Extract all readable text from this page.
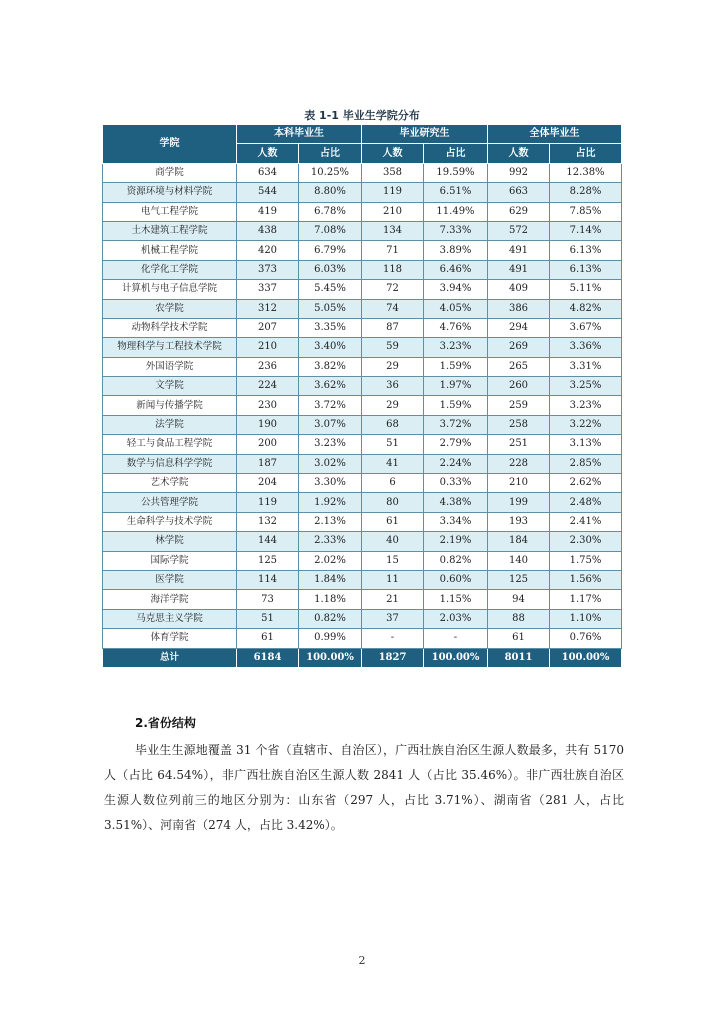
表 1-1 毕业生学院分布
学院	本科毕业生		毕业研究生		全体毕业生	
	人数	占比	人数	占比	人数	占比
商学院	634	10.25%	358	19.59%	992	12.38%
资源环境与材料学院	544	8.80%	119	6.51%	663	8.28%
电气工程学院	419	6.78%	210	11.49%	629	7.85%
土木建筑工程学院	438	7.08%	134	7.33%	572	7.14%
机械工程学院	420	6.79%	71	3.89%	491	6.13%
化学化工学院	373	6.03%	118	6.46%	491	6.13%
计算机与电子信息学院	337	5.45%	72	3.94%	409	5.11%
农学院	312	5.05%	74	4.05%	386	4.82%
动物科学技术学院	207	3.35%	87	4.76%	294	3.67%
物理科学与工程技术学院	210	3.40%	59	3.23%	269	3.36%
外国语学院	236	3.82%	29	1.59%	265	3.31%
文学院	224	3.62%	36	1.97%	260	3.25%
新闻与传播学院	230	3.72%	29	1.59%	259	3.23%
法学院	190	3.07%	68	3.72%	258	3.22%
轻工与食品工程学院	200	3.23%	51	2.79%	251	3.13%
数学与信息科学学院	187	3.02%	41	2.24%	228	2.85%
艺术学院	204	3.30%	6	0.33%	210	2.62%
公共管理学院	119	1.92%	80	4.38%	199	2.48%
生命科学与技术学院	132	2.13%	61	3.34%	193	2.41%
林学院	144	2.33%	40	2.19%	184	2.30%
国际学院	125	2.02%	15	0.82%	140	1.75%
医学院	114	1.84%	11	0.60%	125	1.56%
海洋学院	73	1.18%	21	1.15%	94	1.17%
马克思主义学院	51	0.82%	37	2.03%	88	1.10%
体育学院	61	0.99%	-	-	61	0.76%
总计	6184	100.00%	1827	100.00%	8011	100.00%
2.省份结构

毕业生生源地覆盖 31 个省（直辖市、自治区），广西壮族自治区生源人数最多，共有 5170 人（占比 64.54%），非广西壮族自治区生源人数 2841 人（占比 35.46%）。非广西壮族自治区生源人数位列前三的地区分别为：山东省（297 人，占比 3.71%）、湖南省（281 人，占比 3.51%）、河南省（274 人，占比 3.42%）。

2
